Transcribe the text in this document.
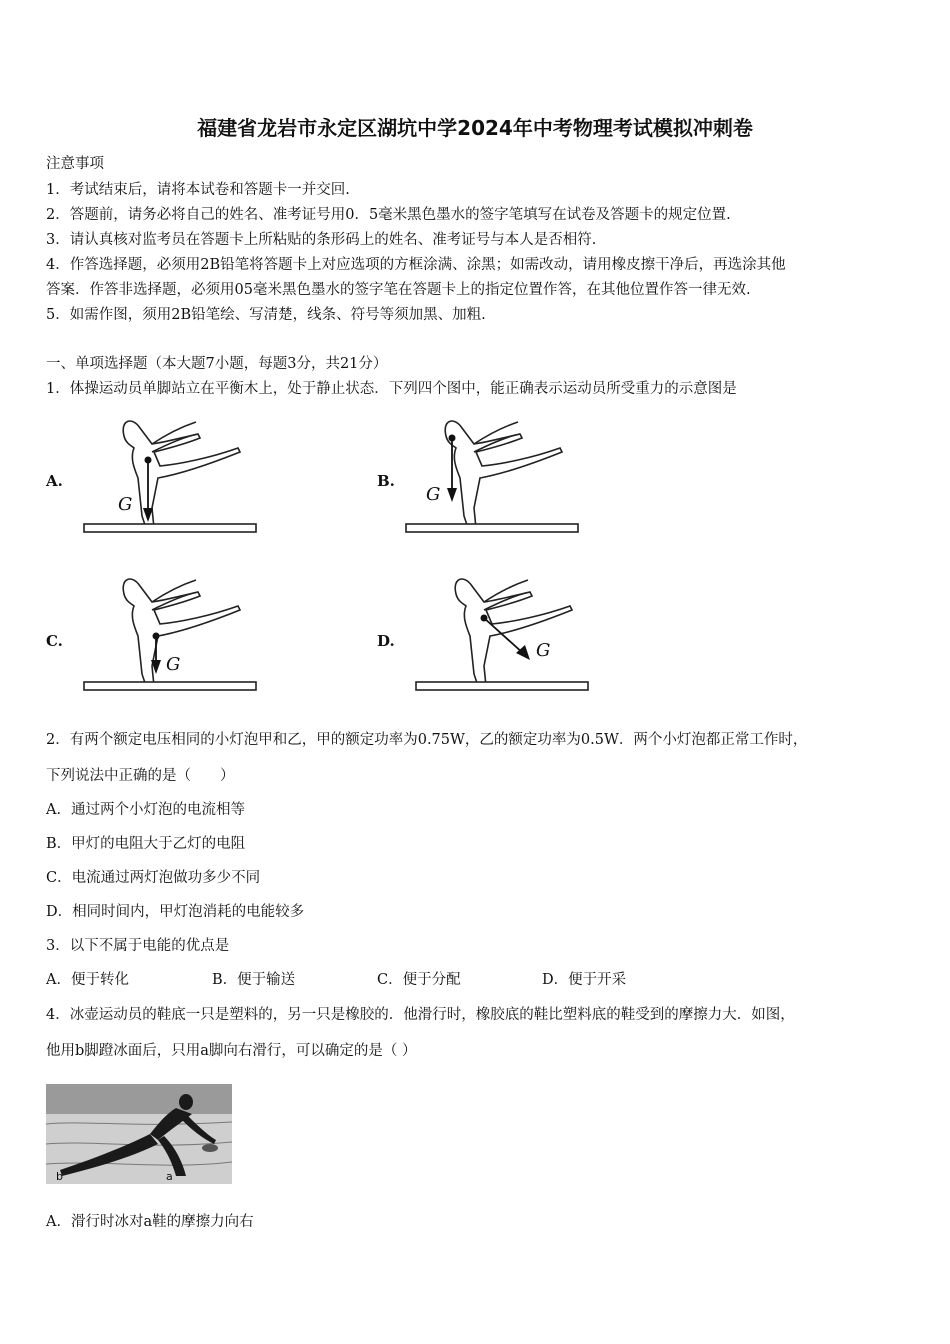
福建省龙岩市永定区湖坑中学2024年中考物理考试模拟冲刺卷
注意事项
1．考试结束后，请将本试卷和答题卡一并交回.
2．答题前，请务必将自己的姓名、准考证号用0．5毫米黑色墨水的签字笔填写在试卷及答题卡的规定位置.
3．请认真核对监考员在答题卡上所粘贴的条形码上的姓名、准考证号与本人是否相符.
4．作答选择题，必须用2B铅笔将答题卡上对应选项的方框涂满、涂黑；如需改动，请用橡皮擦干净后，再选涂其他
答案．作答非选择题，必须用05毫米黑色墨水的签字笔在答题卡上的指定位置作答，在其他位置作答一律无效.
5．如需作图，须用2B铅笔绘、写清楚，线条、符号等须加黑、加粗.
一、单项选择题（本大题7小题，每题3分，共21分）
1．体操运动员单脚站立在平衡木上，处于静止状态．下列四个图中，能正确表示运动员所受重力的示意图是
A.	B.
C.	D.
G	G
G
G
2．有两个额定电压相同的小灯泡甲和乙，甲的额定功率为0.75W，乙的额定功率为0.5W．两个小灯泡都正常工作时，
下列说法中正确的是（　　）
A．通过两个小灯泡的电流相等
B．甲灯的电阻大于乙灯的电阻
C．电流通过两灯泡做功多少不同
D．相同时间内，甲灯泡消耗的电能较多
3．以下不属于电能的优点是
A．便于转化	B．便于输送	C．便于分配	D．便于开采
4．冰壶运动员的鞋底一只是塑料的，另一只是橡胶的．他滑行时，橡胶底的鞋比塑料底的鞋受到的摩擦力大．如图，
他用b脚蹬冰面后，只用a脚向右滑行，可以确定的是（ ）
b	a
A．滑行时冰对a鞋的摩擦力向右
